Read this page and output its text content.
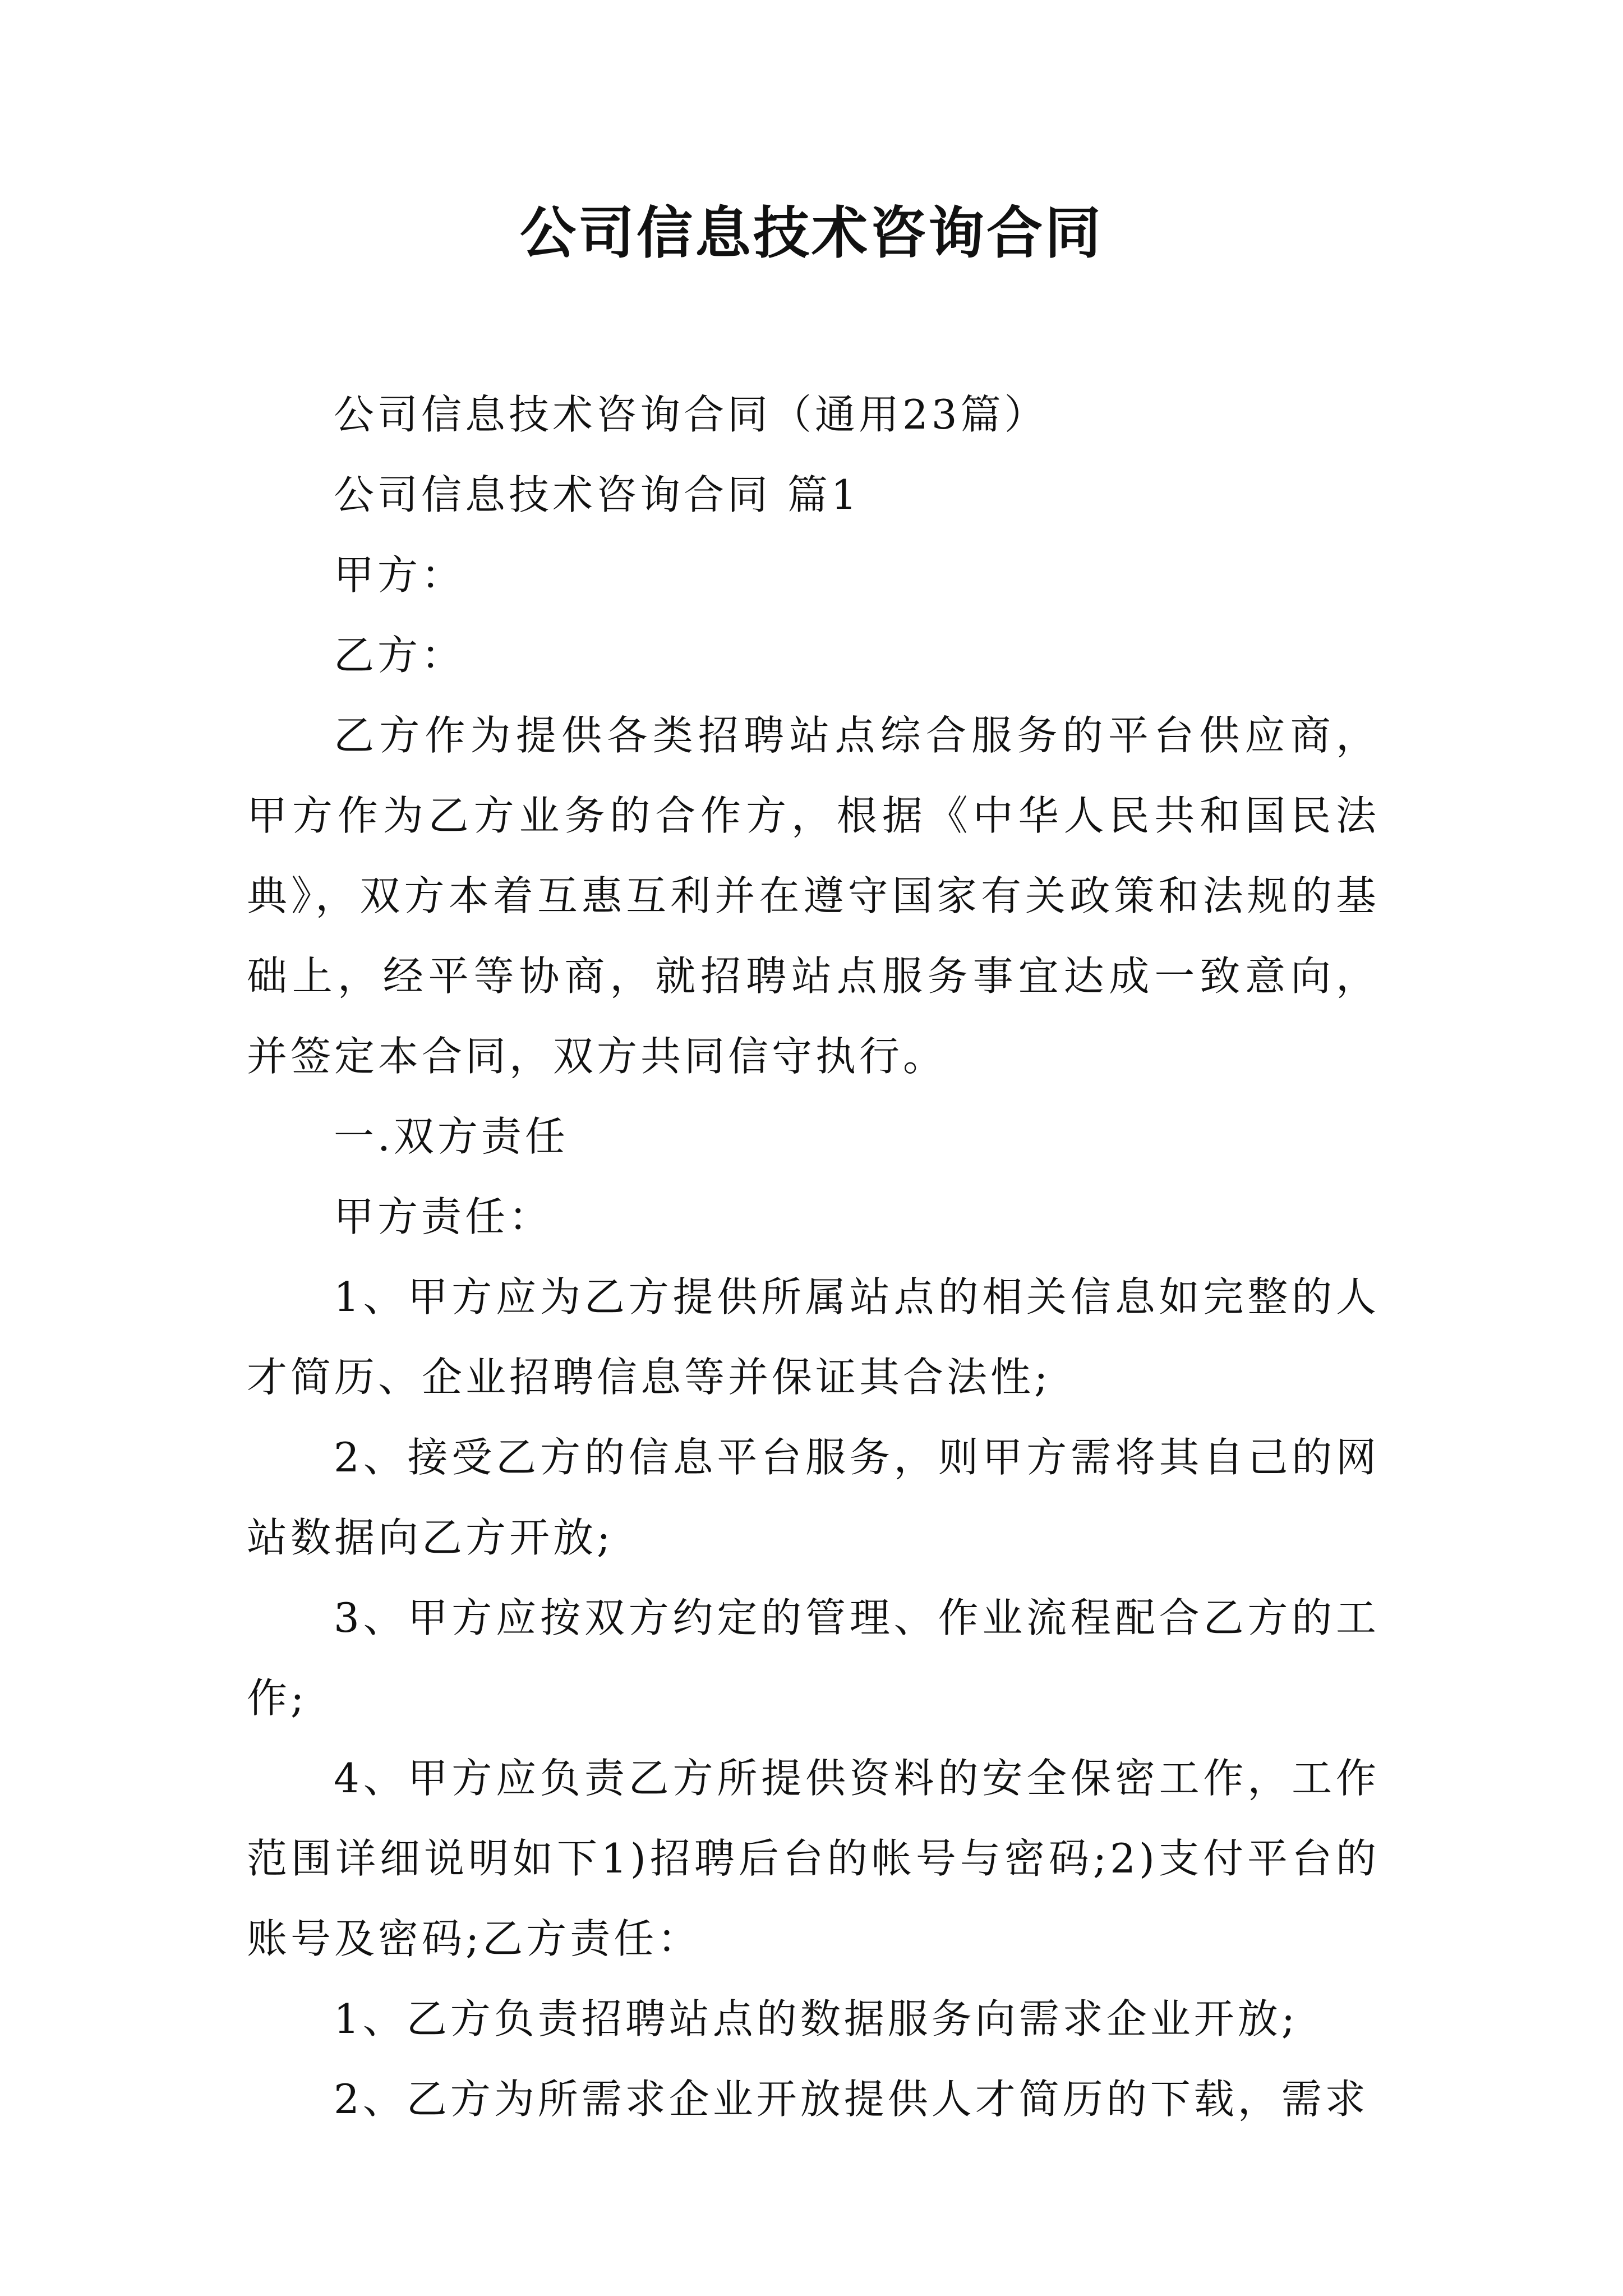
公司信息技术咨询合同

公司信息技术咨询合同（通用23篇）

公司信息技术咨询合同 篇1

甲方：

乙方：

乙方作为提供各类招聘站点综合服务的平台供应商，甲方作为乙方业务的合作方，根据《中华人民共和国民法典》，双方本着互惠互利并在遵守国家有关政策和法规的基础上，经平等协商，就招聘站点服务事宜达成一致意向，并签定本合同，双方共同信守执行。

一.双方责任

甲方责任：

1、甲方应为乙方提供所属站点的相关信息如完整的人才简历、企业招聘信息等并保证其合法性;

2、接受乙方的信息平台服务，则甲方需将其自己的网站数据向乙方开放;

3、甲方应按双方约定的管理、作业流程配合乙方的工作;

4、甲方应负责乙方所提供资料的安全保密工作，工作范围详细说明如下1)招聘后台的帐号与密码;2)支付平台的账号及密码;乙方责任：

1、乙方负责招聘站点的数据服务向需求企业开放;

2、乙方为所需求企业开放提供人才简历的下载，需求
